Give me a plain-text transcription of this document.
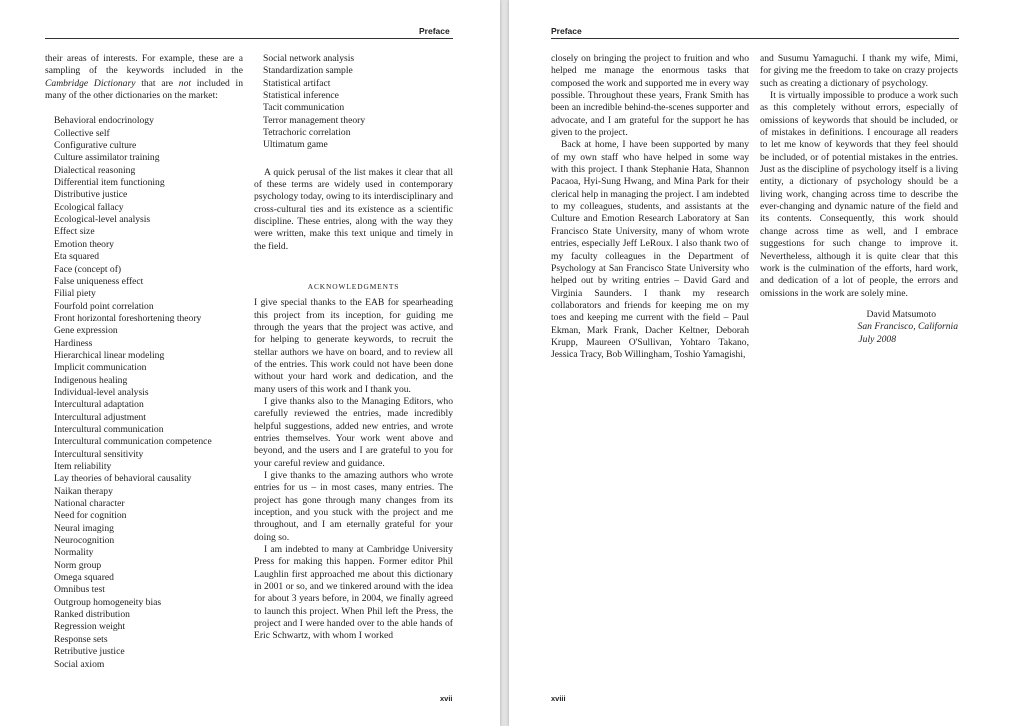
Preface

their areas of interests. For example, these are a sampling of the keywords included in the Cambridge Dictionary that are not included in many of the other dictionaries on the market:

Behavioral endocrinology
Collective self
Configurative culture
Culture assimilator training
Dialectical reasoning
Differential item functioning
Distributive justice
Ecological fallacy
Ecological-level analysis
Effect size
Emotion theory
Eta squared
Face (concept of)
False uniqueness effect
Filial piety
Fourfold point correlation
Front horizontal foreshortening theory
Gene expression
Hardiness
Hierarchical linear modeling
Implicit communication
Indigenous healing
Individual-level analysis
Intercultural adaptation
Intercultural adjustment
Intercultural communication
Intercultural communication competence
Intercultural sensitivity
Item reliability
Lay theories of behavioral causality
Naikan therapy
National character
Need for cognition
Neural imaging
Neurocognition
Normality
Norm group
Omega squared
Omnibus test
Outgroup homogeneity bias
Ranked distribution
Regression weight
Response sets
Retributive justice
Social axiom
Social network analysis
Standardization sample
Statistical artifact
Statistical inference
Tacit communication
Terror management theory
Tetrachoric correlation
Ultimatum game

A quick perusal of the list makes it clear that all of these terms are widely used in contemporary psychology today, owing to its interdisciplinary and cross-cultural ties and its existence as a scientific discipline. These entries, along with the way they were written, make this text unique and timely in the field.

ACKNOWLEDGMENTS

I give special thanks to the EAB for spearheading this project from its inception, for guiding me through the years that the project was active, and for helping to generate keywords, to recruit the stellar authors we have on board, and to review all of the entries. This work could not have been done without your hard work and dedication, and the many users of this work and I thank you.

I give thanks also to the Managing Editors, who carefully reviewed the entries, made incredibly helpful suggestions, added new entries, and wrote entries themselves. Your work went above and beyond, and the users and I are grateful to you for your careful review and guidance.

I give thanks to the amazing authors who wrote entries for us – in most cases, many entries. The project has gone through many changes from its inception, and you stuck with the project and me throughout, and I am eternally grateful for your doing so.

I am indebted to many at Cambridge University Press for making this happen. Former editor Phil Laughlin first approached me about this dictionary in 2001 or so, and we tinkered around with the idea for about 3 years before, in 2004, we finally agreed to launch this project. When Phil left the Press, the project and I were handed over to the able hands of Eric Schwartz, with whom I worked

xvii
Preface

closely on bringing the project to fruition and who helped me manage the enormous tasks that composed the work and supported me in every way possible. Throughout these years, Frank Smith has been an incredible behind-the-scenes supporter and advocate, and I am grateful for the support he has given to the project.

Back at home, I have been supported by many of my own staff who have helped in some way with this project. I thank Stephanie Hata, Shannon Pacaoa, Hyi-Sung Hwang, and Mina Park for their clerical help in managing the project. I am indebted to my colleagues, students, and assistants at the Culture and Emotion Research Laboratory at San Francisco State University, many of whom wrote entries, especially Jeff LeRoux. I also thank two of my faculty colleagues in the Department of Psychology at San Francisco State University who helped out by writing entries – David Gard and Virginia Saunders. I thank my research collaborators and friends for keeping me on my toes and keeping me current with the field – Paul Ekman, Mark Frank, Dacher Keltner, Deborah Krupp, Maureen O'Sullivan, Yohtaro Takano, Jessica Tracy, Bob Willingham, Toshio Yamagishi,

and Susumu Yamaguchi. I thank my wife, Mimi, for giving me the freedom to take on crazy projects such as creating a dictionary of psychology.

It is virtually impossible to produce a work such as this completely without errors, especially of omissions of keywords that should be included, or of mistakes in definitions. I encourage all readers to let me know of keywords that they feel should be included, or of potential mistakes in the entries. Just as the discipline of psychology itself is a living entity, a dictionary of psychology should be a living work, changing across time to describe the ever-changing and dynamic nature of the field and its contents. Consequently, this work should change across time as well, and I embrace suggestions for such change to improve it. Nevertheless, although it is quite clear that this work is the culmination of the efforts, hard work, and dedication of a lot of people, the errors and omissions in the work are solely mine.

David Matsumoto
San Francisco, California
July 2008
xviii
